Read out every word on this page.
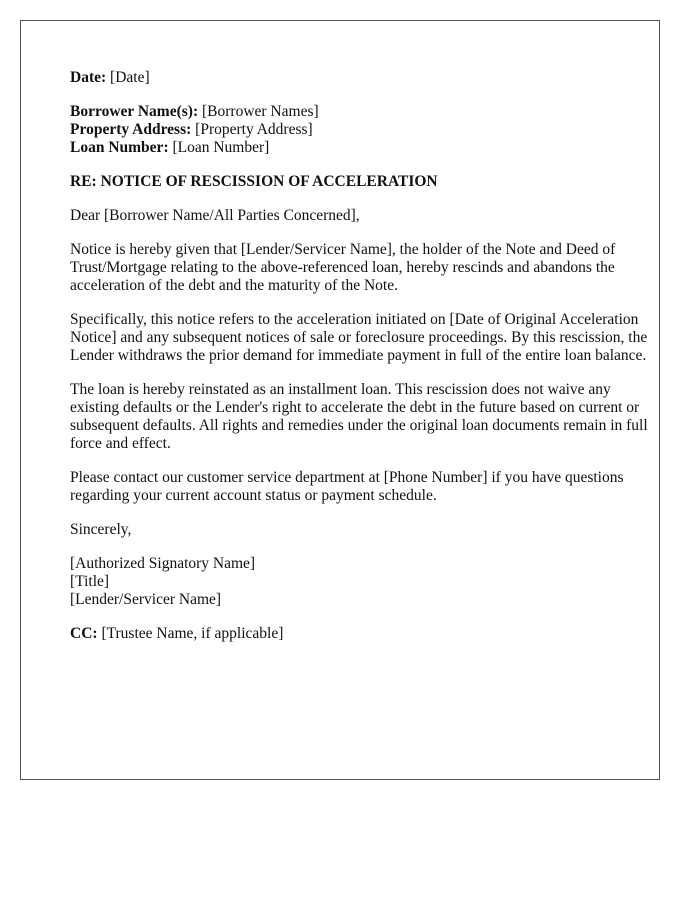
Date: [Date]

Borrower Name(s): [Borrower Names]

Property Address: [Property Address]

Loan Number: [Loan Number]

RE: NOTICE OF RESCISSION OF ACCELERATION

Dear [Borrower Name/All Parties Concerned],

Notice is hereby given that [Lender/Servicer Name], the holder of the Note and Deed of Trust/Mortgage relating to the above-referenced loan, hereby rescinds and abandons the acceleration of the debt and the maturity of the Note.

Specifically, this notice refers to the acceleration initiated on [Date of Original Acceleration Notice] and any subsequent notices of sale or foreclosure proceedings. By this rescission, the Lender withdraws the prior demand for immediate payment in full of the entire loan balance.

The loan is hereby reinstated as an installment loan. This rescission does not waive any existing defaults or the Lender's right to accelerate the debt in the future based on current or subsequent defaults. All rights and remedies under the original loan documents remain in full force and effect.

Please contact our customer service department at [Phone Number] if you have questions regarding your current account status or payment schedule.

Sincerely,

[Authorized Signatory Name]

[Title]

[Lender/Servicer Name]

CC: [Trustee Name, if applicable]
